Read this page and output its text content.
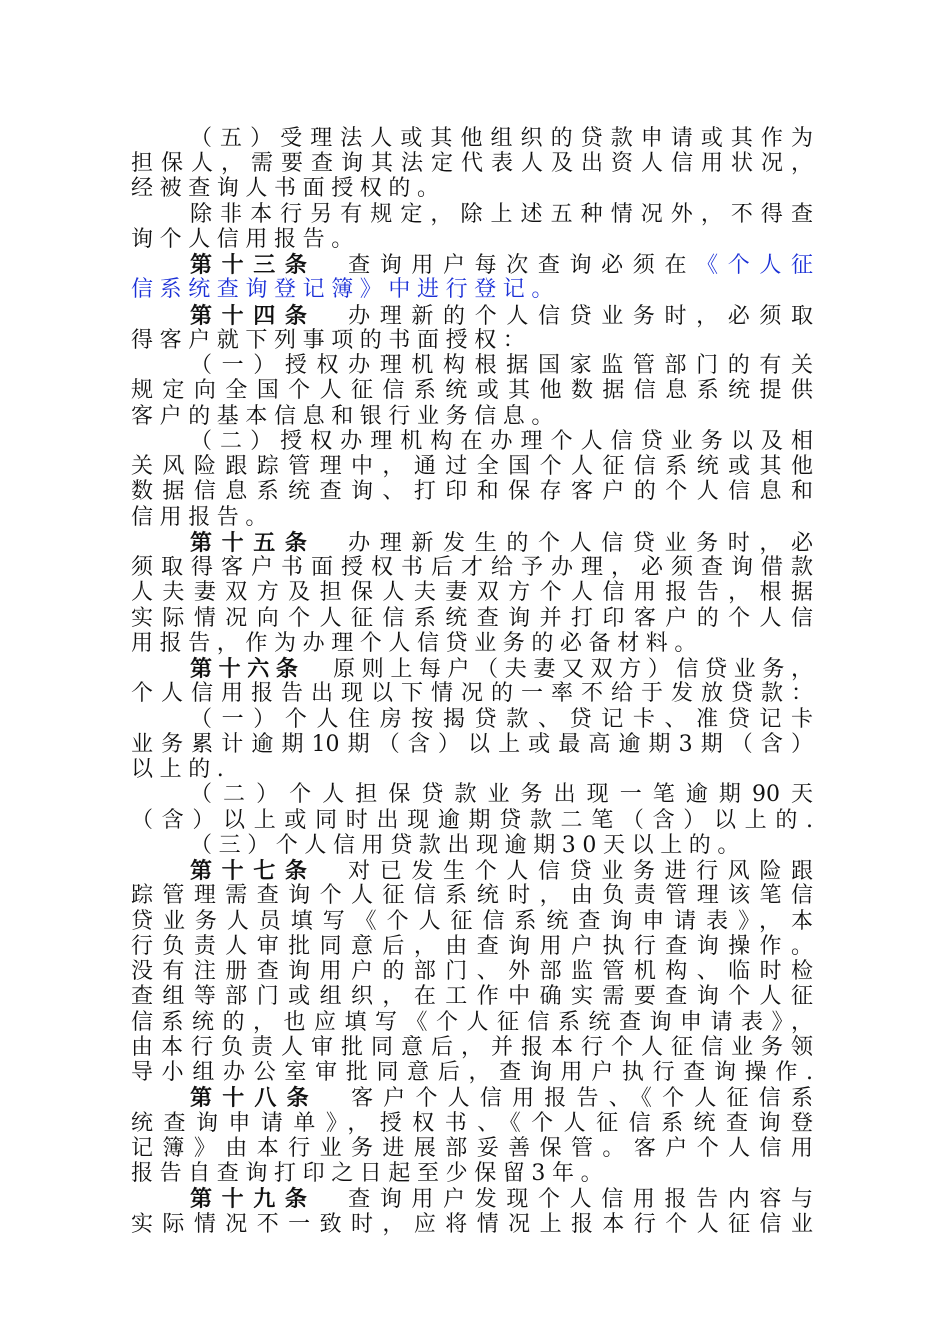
（五）受理法人或其他组织的贷款申请或其作为
担保人，需要查询其法定代表人及出资人信用状况，
经被查询人书面授权的。
除非本行另有规定，除上述五种情况外，不得查
询个人信用报告。
第十三条　 查询用户每次查询必须在《个人征
信系统查询登记簿》中进行登记。
第十四条　 办理新的个人信贷业务时，必须取
得客户就下列事项的书面授权：
（一）授权办理机构根据国家监管部门的有关
规定向全国个人征信系统或其他数据信息系统提供
客户的基本信息和银行业务信息。
（二）授权办理机构在办理个人信贷业务以及相
关风险跟踪管理中，通过全国个人征信系统或其他
数据信息系统查询、打印和保存客户的个人信息和
信用报告。
第十五条　 办理新发生的个人信贷业务时，必
须取得客户书面授权书后才给予办理，必须查询借款
人夫妻双方及担保人夫妻双方个人信用报告，根据
实际情况向个人征信系统查询并打印客户的个人信
用报告，作为办理个人信贷业务的必备材料。
第十六条　 原则上每户（夫妻又双方）信贷业务，
个人信用报告出现以下情况的一率不给于发放贷款：
（一）个人住房按揭贷款、贷记卡、准贷记卡
业务累计逾期10期（含）以上或最高逾期3期（含）
以上的.
（二）个人担保贷款业务出现一笔逾期90天
（含）以上或同时出现逾期贷款二笔（含）以上的.
（三）个人信用贷款出现逾期30天以上的。
第十七条　 对已发生个人信贷业务进行风险跟
踪管理需查询个人征信系统时，由负责管理该笔信
贷业务人员填写《个人征信系统查询申请表》，本
行负责人审批同意后，由查询用户执行查询操作。
没有注册查询用户的部门、外部监管机构、临时检
查组等部门或组织，在工作中确实需要查询个人征
信系统的，也应填写《个人征信系统查询申请表》，
由本行负责人审批同意后，并报本行个人征信业务领
导小组办公室审批同意后，查询用户执行查询操作.
第十八条　 客户个人信用报告、《个人征信系
统查询申请单》，授权书、《个人征信系统查询登
记簿》由本行业务进展部妥善保管。客户个人信用
报告自查询打印之日起至少保留3年。
第十九条　 查询用户发现个人信用报告内容与
实际情况不一致时，应将情况上报本行个人征信业
